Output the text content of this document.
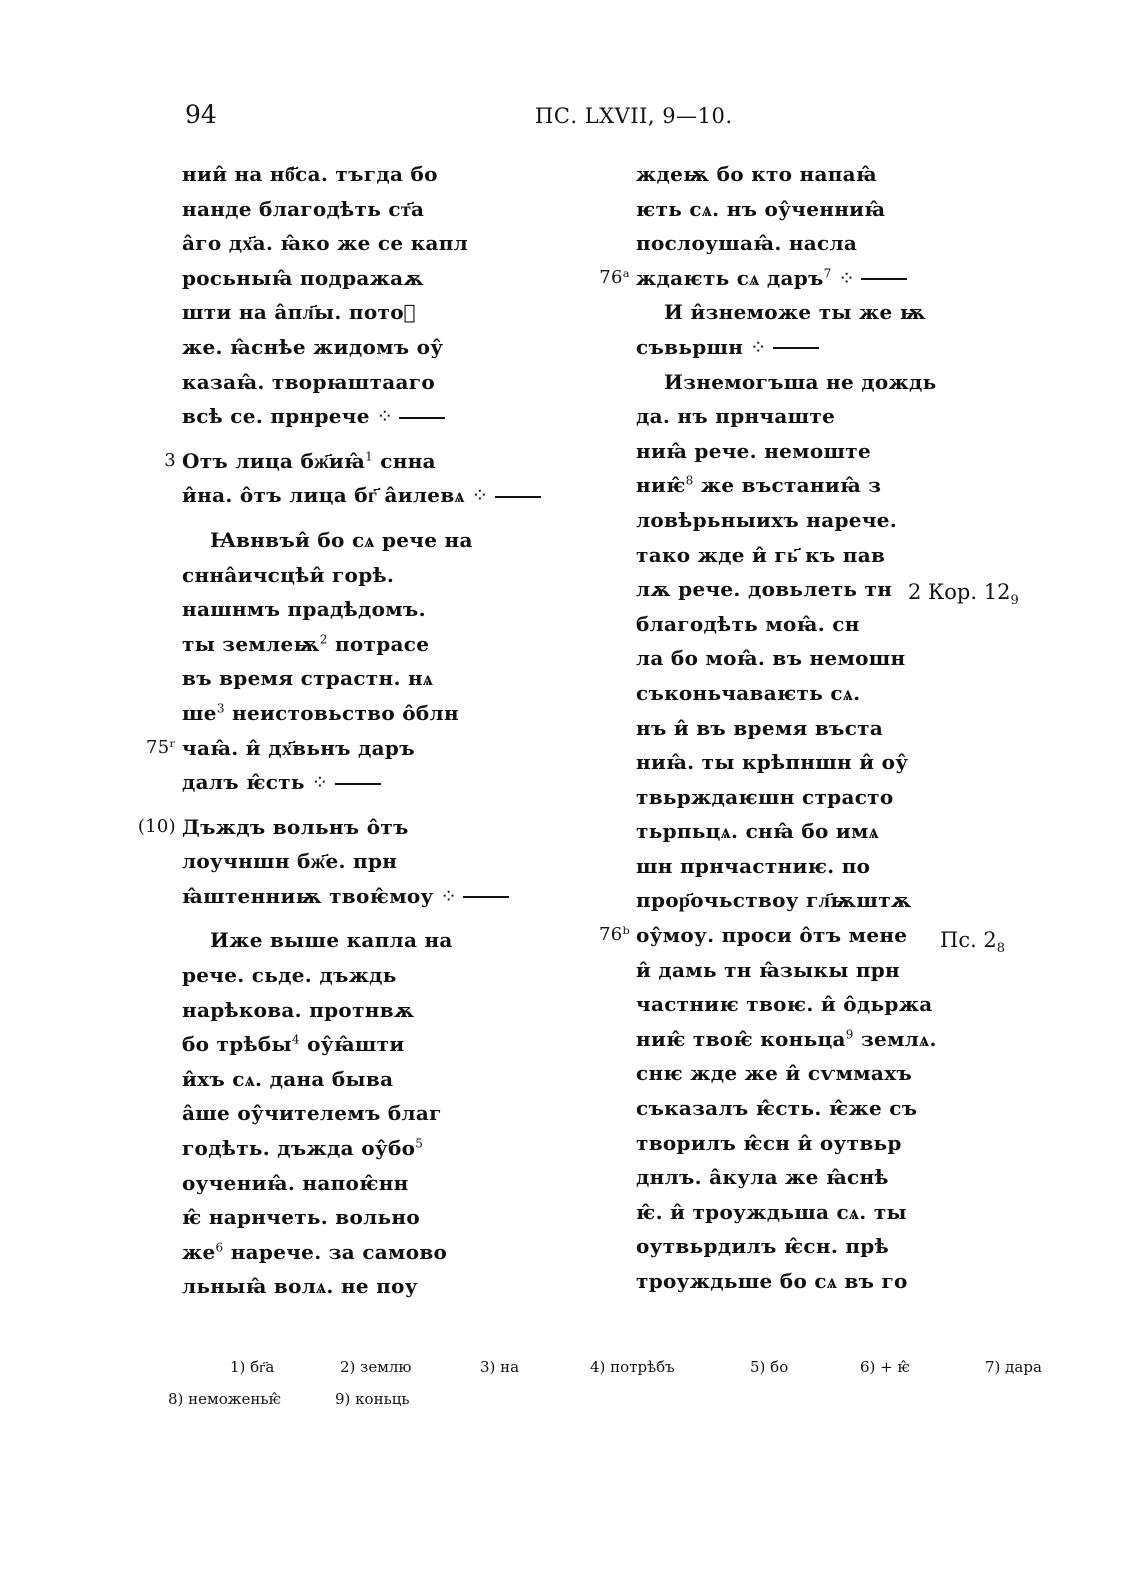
94	ПС. LXVII, 9—10.
нии̂ на нб҃са. тъгда бо
нанде благодѣть ст҃а
а̂го дх҃а. ꙗ̂ко же се капл
росьныꙗ̂ подражаѫ
шти на а̂пл҃ы. потоⷨ
же. ꙗ̂снѣе жидомъ оу̂
казаꙗ̂. творꙗштааго
всѣ се. прнрече ⁘
3 Отъ лица бж҃иꙗ̂$^1$ снна
и̂на. о̂тъ лица бг҃ а̂илевѧ ⁘
Ꙗвнвъи̂ бо сѧ рече на
снна̂ичсцѣи̂ горѣ.
нашнмъ прадѣдомъ.
ты землеѭ$^2$ потрасе
въ время страстн. нѧ
$ше^3$ неистовьство о̂блн
75ʳ чаꙗ̂. и̂ дх҃вьнъ даръ
далъ ѥ̂сть ⁘
(10) Дъждъ вольнъ о̂тъ
лоучншн бж҃е. прн
ꙗ̂штенниѭ твоѥ̂моу ⁘
Иже выше капла на
рече. сьде. дъждь
нарѣкова. протнвѫ
бо трѣбы$^4$ оу̂ꙗ̂шти
и̂хъ сѧ. дана быва
а̂ше оу̂чителемъ благ
годѣть. дъжда $оу̂бо^5$
оучениꙗ̂. напоѥ̂нн
ѥ̂ нарнчеть. вольно
$же^6$ нарече. за самово
льныꙗ̂ волѧ. не поу
ждеѭ бо кто напаꙗ̂
ѥть сѧ. нъ оу̂ченниꙗ̂
послоушаꙗ̂. насла
76ᵃ ждаѥть сѧ даръ$^7$ ⁘
И и̂знеможе ты же ѭ
съвьршн ⁘
Изнемогъша не дождь
да. нъ прнчаште
ниꙗ̂ рече. немоште
ниѥ̂$^8$ же въстаниꙗ̂ з
ловѣрьныихъ нарече.
тако жде и̂ гь҃ къ пав
лѫ рече. довьлеть тн
благодѣть моꙗ̂. сн
ла бо моꙗ̂. въ немошн
съконьчаваѥть сѧ.
нъ и̂ въ время въста
ниꙗ̂. ты крѣпншн и̂ оу̂
твьрждаѥшн страсто
тьрпьцѧ. снꙗ̂ бо имѧ
шн прнчастниѥ. по
прор҃очьствоу гл҃ѭштѫ
76ᵇ оу̂моу. проси о̂тъ мене
и̂ дамь тн ꙗ̂зыкы прн
частниѥ твоѥ. и̂ о̂дьржа
ниѥ̂ твоѥ̂ коньца$^9$ землѧ.
снѥ жде же и̂ сѵммахъ
съказалъ ѥ̂сть. ѥ̂же съ
творилъ ѥ̂сн и̂ оутвьр
днлъ. а̂кула же ꙗ̂снѣ
ѥ̂. и̂ троуждьша сѧ. ты
оутвьрдилъ ѥ̂сн. прѣ
троуждьше бо сѧ въ го
2 Кор. $12_9$
Пс. $2_8$
1) бг҃а	2) землю	3) на	4) потрѣбъ	5) бо	6) + ѥ̂	7) дара
8) неможеньѥ̂	9) коньць
